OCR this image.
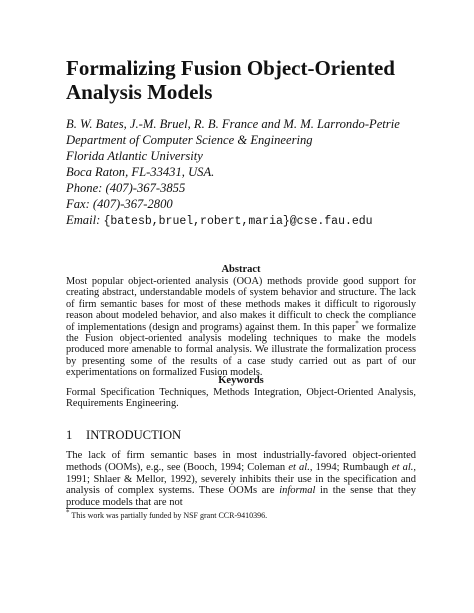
Formalizing Fusion Object-Oriented Analysis Models
B. W. Bates, J.-M. Bruel, R. B. France and M. M. Larrondo-Petrie
Department of Computer Science & Engineering
Florida Atlantic University
Boca Raton, FL-33431, USA.
Phone: (407)-367-3855
Fax: (407)-367-2800
Email: {batesb,bruel,robert,maria}@cse.fau.edu
Abstract
Most popular object-oriented analysis (OOA) methods provide good support for creating abstract, understandable models of system behavior and structure. The lack of firm semantic bases for most of these methods makes it difficult to rigorously reason about modeled behavior, and also makes it difficult to check the compliance of implementations (design and programs) against them. In this paper* we formalize the Fusion object-oriented analysis modeling techniques to make the models produced more amenable to formal analysis. We illustrate the formalization process by presenting some of the results of a case study carried out as part of our experimentations on formalized Fusion models.
Keywords
Formal Specification Techniques, Methods Integration, Object-Oriented Analysis, Requirements Engineering.
1 INTRODUCTION
The lack of firm semantic bases in most industrially-favored object-oriented methods (OOMs), e.g., see (Booch, 1994; Coleman et al., 1994; Rumbaugh et al., 1991; Shlaer & Mellor, 1992), severely inhibits their use in the specification and analysis of complex systems. These OOMs are informal in the sense that they produce models that are not
* This work was partially funded by NSF grant CCR-9410396.
